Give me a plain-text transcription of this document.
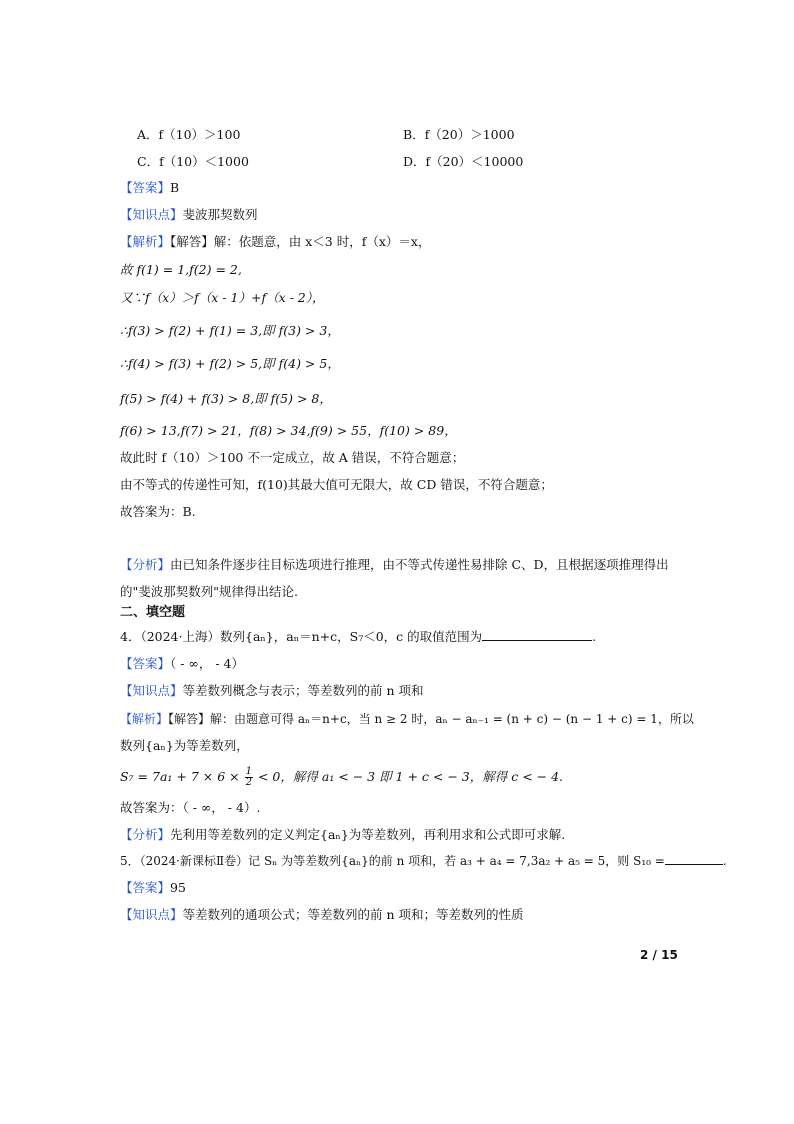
A．f（10）＞100	B．f（20）＞1000
C．f（10）＜1000	D．f（20）＜10000
【答案】B
【知识点】斐波那契数列
【解析】【解答】解：依题意，由 x＜3 时，f（x）＝x，
故 f(1) = 1,f(2) = 2,
又∵f（x）＞f（x - 1）+f（x - 2），
∴f(3) > f(2) + f(1) = 3,即 f(3) > 3，
∴f(4) > f(3) + f(2) > 5,即 f(4) > 5，
f(5) > f(4) + f(3) > 8,即 f(5) > 8，
f(6) > 13,f(7) > 21，f(8) > 34,f(9) > 55，f(10) > 89，
故此时 f（10）＞100 不一定成立，故 A 错误，不符合题意；
由不等式的传递性可知，f(10)其最大值可无限大，故 CD 错误，不符合题意；
故答案为：B.
【分析】由已知条件逐步往目标选项进行推理，由不等式传递性易排除 C、D，且根据逐项推理得出
的"斐波那契数列"规律得出结论.
二、填空题
4．（2024·上海）数列{aₙ}，aₙ＝n+c，S₇＜0，c 的取值范围为	.
【答案】（ - ∞， - 4）
【知识点】等差数列概念与表示；等差数列的前 n 项和
【解析】【解答】解：由题意可得 aₙ＝n+c，当 n ≥ 2 时，aₙ − aₙ₋₁ = (n + c) − (n − 1 + c) = 1，所以
数列{aₙ}为等差数列，
$S_7 = 7a_1 + 7 \times 6 \times \frac{1}{2} < 0$，解得 a₁ < − 3 即 1 + c < − 3，解得 c < − 4.
故答案为：（ - ∞， - 4）.
【分析】先利用等差数列的定义判定{aₙ}为等差数列，再利用求和公式即可求解.
5．（2024·新课标Ⅱ卷）记 Sₙ 为等差数列{aₙ}的前 n 项和，若 a₃ + a₄ = 7,3a₂ + a₅ = 5，则 S₁₀ =	.
【答案】95
【知识点】等差数列的通项公式；等差数列的前 n 项和；等差数列的性质
2 / 15
